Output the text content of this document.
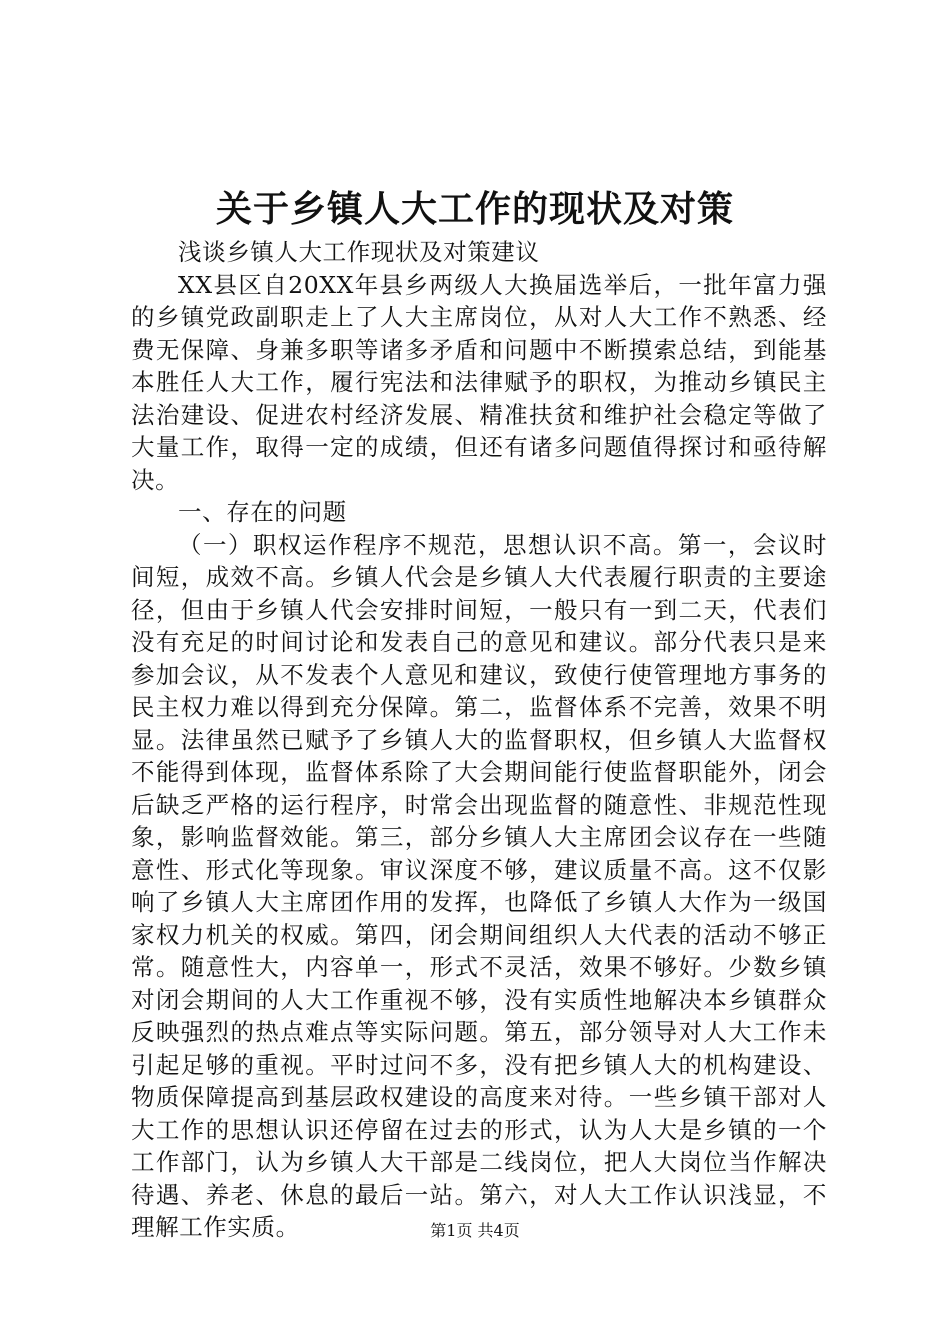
关于乡镇人大工作的现状及对策

浅谈乡镇人大工作现状及对策建议

XX县区自20XX年县乡两级人大换届选举后，一批年富力强的乡镇党政副职走上了人大主席岗位，从对人大工作不熟悉、经费无保障、身兼多职等诸多矛盾和问题中不断摸索总结，到能基本胜任人大工作，履行宪法和法律赋予的职权，为推动乡镇民主法治建设、促进农村经济发展、精准扶贫和维护社会稳定等做了大量工作，取得一定的成绩，但还有诸多问题值得探讨和亟待解决。

一、存在的问题

（一）职权运作程序不规范，思想认识不高。第一，会议时间短，成效不高。乡镇人代会是乡镇人大代表履行职责的主要途径，但由于乡镇人代会安排时间短，一般只有一到二天，代表们没有充足的时间讨论和发表自己的意见和建议。部分代表只是来参加会议，从不发表个人意见和建议，致使行使管理地方事务的民主权力难以得到充分保障。第二，监督体系不完善，效果不明显。法律虽然已赋予了乡镇人大的监督职权，但乡镇人大监督权不能得到体现，监督体系除了大会期间能行使监督职能外，闭会后缺乏严格的运行程序，时常会出现监督的随意性、非规范性现象，影响监督效能。第三，部分乡镇人大主席团会议存在一些随意性、形式化等现象。审议深度不够，建议质量不高。这不仅影响了乡镇人大主席团作用的发挥，也降低了乡镇人大作为一级国家权力机关的权威。第四，闭会期间组织人大代表的活动不够正常。随意性大，内容单一，形式不灵活，效果不够好。少数乡镇对闭会期间的人大工作重视不够，没有实质性地解决本乡镇群众反映强烈的热点难点等实际问题。第五，部分领导对人大工作未引起足够的重视。平时过问不多，没有把乡镇人大的机构建设、物质保障提高到基层政权建设的高度来对待。一些乡镇干部对人大工作的思想认识还停留在过去的形式，认为人大是乡镇的一个工作部门，认为乡镇人大干部是二线岗位，把人大岗位当作解决待遇、养老、休息的最后一站。第六，对人大工作认识浅显，不理解工作实质。	第1页 共4页
